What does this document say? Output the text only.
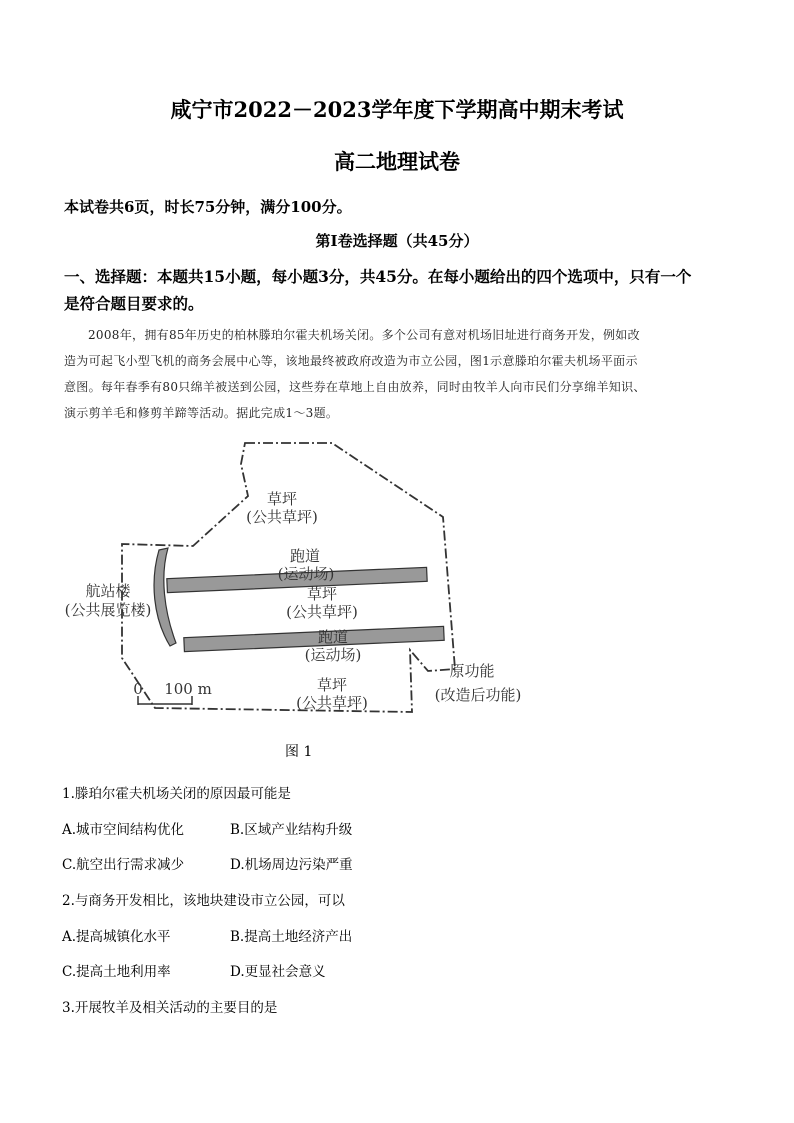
咸宁市2022－2023学年度下学期高中期末考试
高二地理试卷
本试卷共6页，时长75分钟，满分100分。
第Ⅰ卷选择题（共45分）
一、选择题：本题共15小题，每小题3分，共45分。在每小题给出的四个选项中，只有一个
是符合题目要求的。
2008年，拥有85年历史的柏林滕珀尔霍夫机场关闭。多个公司有意对机场旧址进行商务开发，例如改
造为可起飞小型飞机的商务会展中心等，该地最终被政府改造为市立公园，图1示意滕珀尔霍夫机场平面示
意图。每年春季有80只绵羊被送到公园，这些券在草地上自由放养，同时由牧羊人向市民们分享绵羊知识、
演示剪羊毛和修剪羊蹄等活动。据此完成1～3题。
草坪
(公共草坪)
跑道
(运动场)
草坪
(公共草坪)
跑道
(运动场)
草坪
(公共草坪)
航站楼
(公共展览楼)
原功能
(改造后功能)
0 100 m
图 1
1.滕珀尔霍夫机场关闭的原因最可能是
A.城市空间结构优化	B.区域产业结构升级
C.航空出行需求减少	D.机场周边污染严重
2.与商务开发相比，该地块建设市立公园，可以
A.提高城镇化水平	B.提高土地经济产出
C.提高土地利用率	D.更显社会意义
3.开展牧羊及相关活动的主要目的是
